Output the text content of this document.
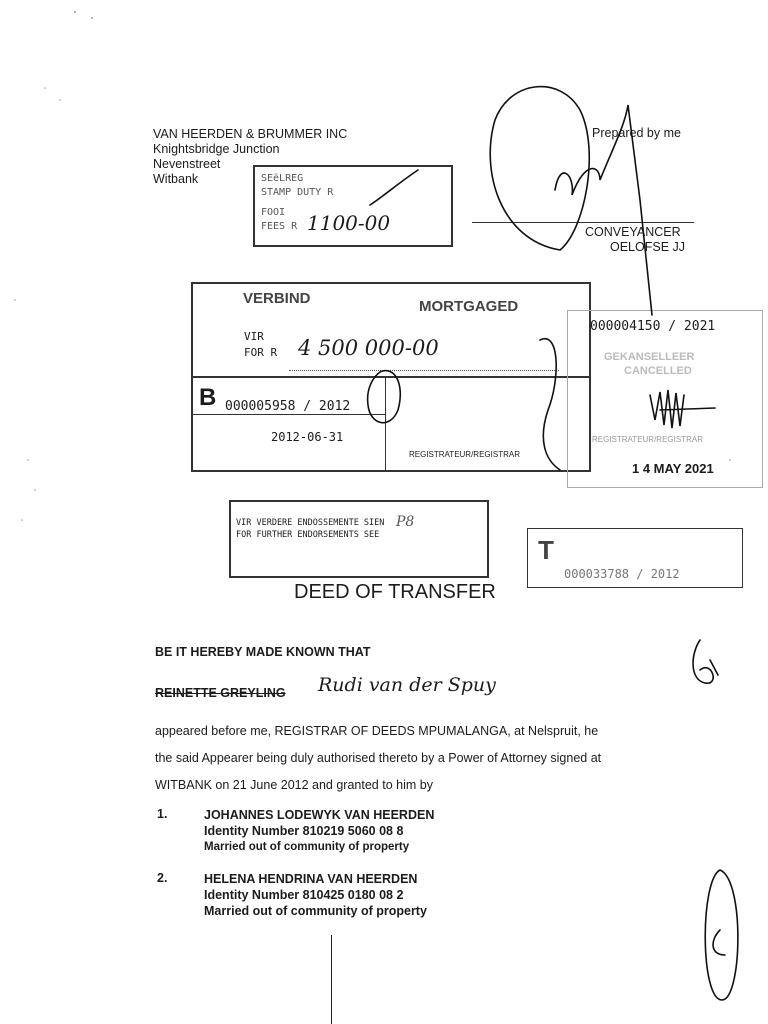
VAN HEERDEN & BRUMMER INC
Knightsbridge Junction
Nevenstreet
Witbank	SEëLREG
STAMP DUTY R
FOOI
FEES R 1100-00
Prepared by me
CONVEYANCER
OELOFSE JJ
VERBIND	MORTGAGED
VIR
FOR R 4 500 000-00
B 000005958 / 2012
2012-06-31
REGISTRATEUR/REGISTRAR
000004150 / 2021
GEKANSELLEER
CANCELLED
REGISTRATEUR/REGISTRAR
1 4 MAY 2021
VIR VERDERE ENDOSSEMENTE SIEN
FOR FURTHER ENDORSEMENTS SEE
P8
T
000033788 / 2012
DEED OF TRANSFER
BE IT HEREBY MADE KNOWN THAT
REINETTE GREYLING Rudi van der Spuy
appeared before me, REGISTRAR OF DEEDS MPUMALANGA, at Nelspruit, he
the said Appearer being duly authorised thereto by a Power of Attorney signed at
WITBANK on 21 June 2012 and granted to him by
1.	JOHANNES LODEWYK VAN HEERDEN
Identity Number 810219 5060 08 8
Married out of community of property
2.	HELENA HENDRINA VAN HEERDEN
Identity Number 810425 0180 08 2
Married out of community of property
